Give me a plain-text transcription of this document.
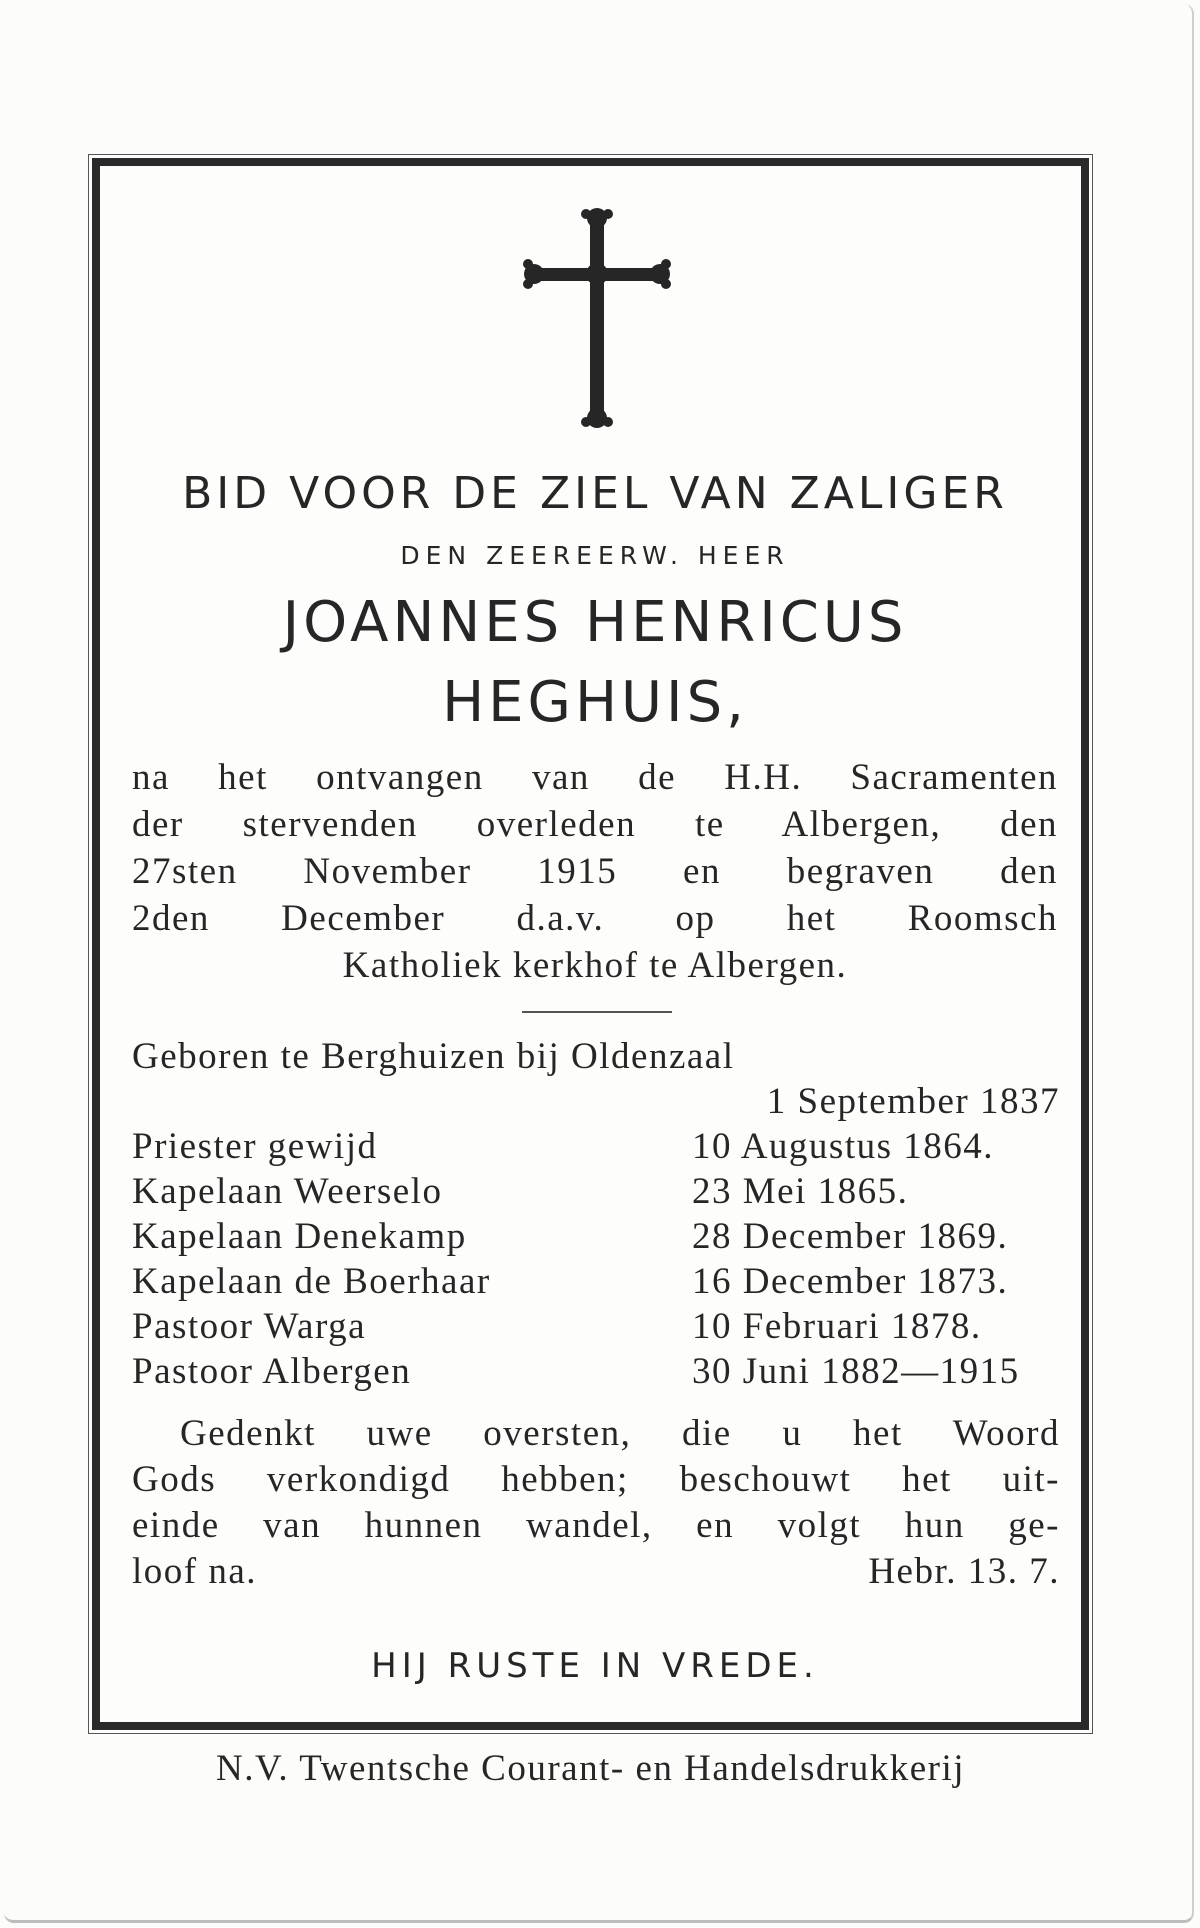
BID VOOR DE ZIEL VAN ZALIGER
DEN ZEEREERW. HEER
JOANNES HENRICUS
HEGHUIS,
na het ontvangen van de H.H. Sacramenten
der stervenden overleden te Albergen, den
27sten November 1915 en begraven den
2den December d.a.v. op het Roomsch
Katholiek kerkhof te Albergen.
Geboren te Berghuizen bij Oldenzaal
1 September 1837
Priester gewijd	10 Augustus 1864.
Kapelaan Weerselo	23 Mei 1865.
Kapelaan Denekamp	28 December 1869.
Kapelaan de Boerhaar	16 December 1873.
Pastoor Warga	10 Februari 1878.
Pastoor Albergen	30 Juni 1882—1915
Gedenkt uwe oversten, die u het Woord
Gods verkondigd hebben; beschouwt het uit-
einde van hunnen wandel, en volgt hun ge-
loof na.	Hebr. 13. 7.
HIJ RUSTE IN VREDE.
N.V. Twentsche Courant- en Handelsdrukkerij
